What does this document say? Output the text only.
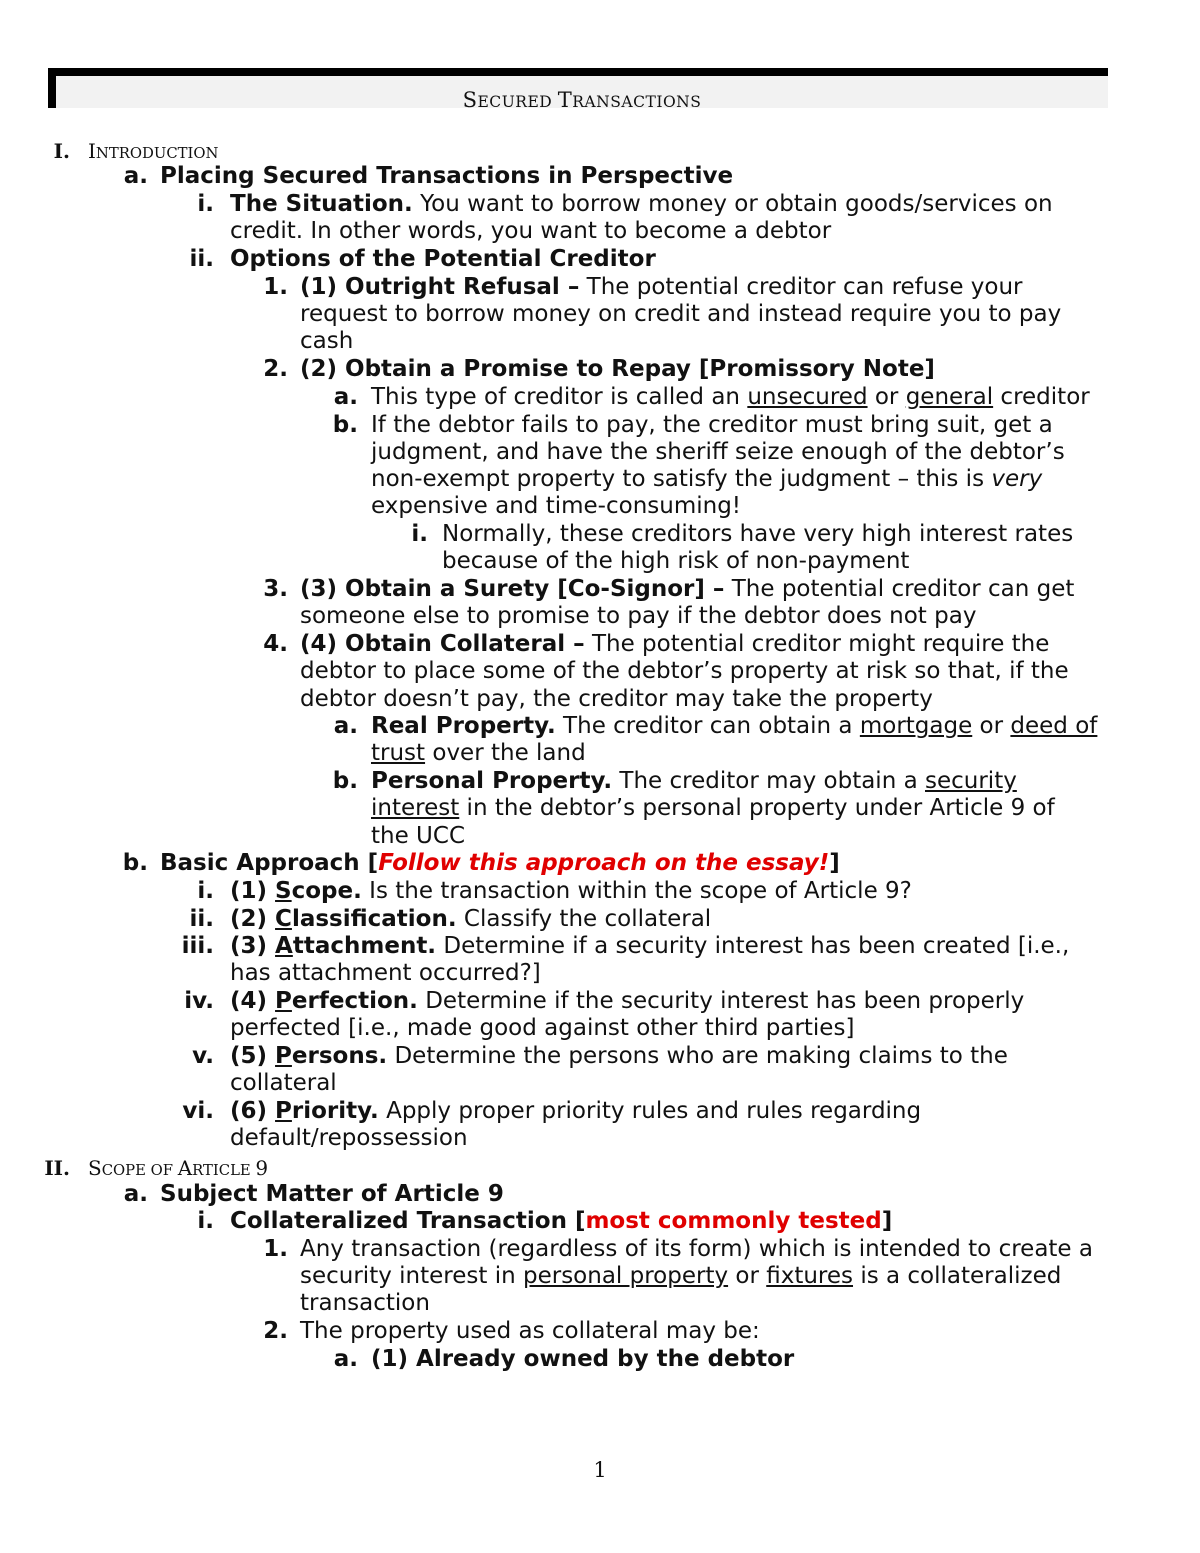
SECURED TRANSACTIONS
I. INTRODUCTION
a. Placing Secured Transactions in Perspective
i. The Situation. You want to borrow money or obtain goods/services on
credit. In other words, you want to become a debtor
ii. Options of the Potential Creditor
1. (1) Outright Refusal – The potential creditor can refuse your
request to borrow money on credit and instead require you to pay
cash
2. (2) Obtain a Promise to Repay [Promissory Note]
a. This type of creditor is called an unsecured or general creditor
b. If the debtor fails to pay, the creditor must bring suit, get a
judgment, and have the sheriff seize enough of the debtor’s
non-exempt property to satisfy the judgment – this is very
expensive and time-consuming!
i. Normally, these creditors have very high interest rates
because of the high risk of non-payment
3. (3) Obtain a Surety [Co-Signor] – The potential creditor can get
someone else to promise to pay if the debtor does not pay
4. (4) Obtain Collateral – The potential creditor might require the
debtor to place some of the debtor’s property at risk so that, if the
debtor doesn’t pay, the creditor may take the property
a. Real Property. The creditor can obtain a mortgage or deed of
trust over the land
b. Personal Property. The creditor may obtain a security
interest in the debtor’s personal property under Article 9 of
the UCC
b. Basic Approach [Follow this approach on the essay!]
i. (1) Scope. Is the transaction within the scope of Article 9?
ii. (2) Classification. Classify the collateral
iii. (3) Attachment. Determine if a security interest has been created [i.e.,
has attachment occurred?]
iv. (4) Perfection. Determine if the security interest has been properly
perfected [i.e., made good against other third parties]
v. (5) Persons. Determine the persons who are making claims to the
collateral
vi. (6) Priority. Apply proper priority rules and rules regarding
default/repossession
II. SCOPE OF ARTICLE 9
a. Subject Matter of Article 9
i. Collateralized Transaction [most commonly tested]
1. Any transaction (regardless of its form) which is intended to create a
security interest in personal property or fixtures is a collateralized
transaction
2. The property used as collateral may be:
a. (1) Already owned by the debtor
1
